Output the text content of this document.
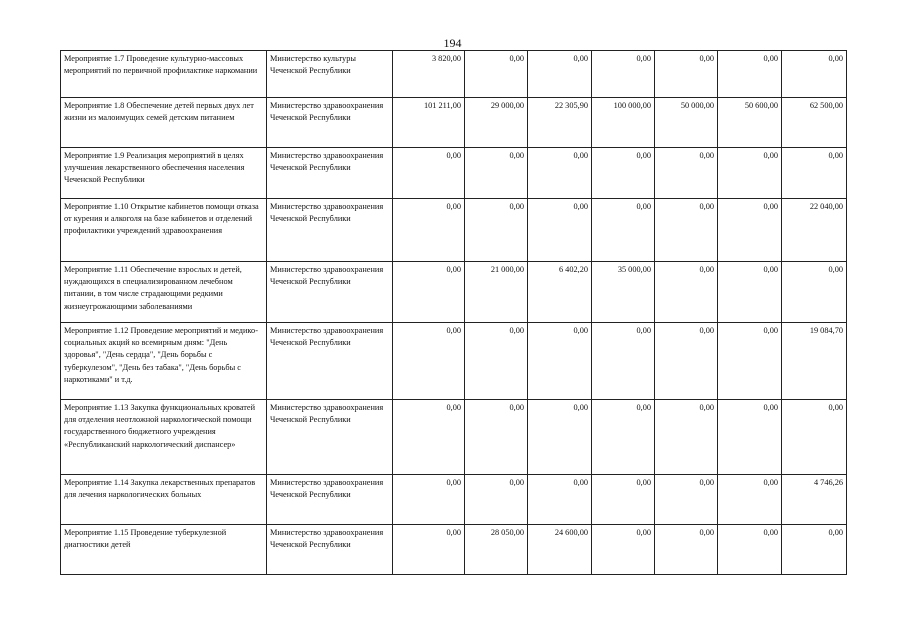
194
Мероприятие 1.7 Проведение культурно-массовых мероприятий по первичной профилактике наркомании	Министерство культуры Чеченской Республики	3 820,00	0,00	0,00	0,00	0,00	0,00	0,00
Мероприятие 1.8 Обеспечение детей первых двух лет жизни из малоимущих семей детским питанием	Министерство здравоохранения Чеченской Республики	101 211,00	29 000,00	22 305,90	100 000,00	50 000,00	50 600,00	62 500,00
Мероприятие 1.9 Реализация мероприятий в целях улучшения лекарственного обеспечения населения Чеченской Республики	Министерство здравоохранения Чеченской Республики	0,00	0,00	0,00	0,00	0,00	0,00	0,00
Мероприятие 1.10 Открытие кабинетов помощи отказа от курения и алкоголя на базе кабинетов и отделений профилактики учреждений здравоохранения	Министерство здравоохранения Чеченской Республики	0,00	0,00	0,00	0,00	0,00	0,00	22 040,00
Мероприятие 1.11 Обеспечение взрослых и детей, нуждающихся в специализированном лечебном питании, в том числе страдающими редкими жизнеугрожающими заболеваниями	Министерство здравоохранения Чеченской Республики	0,00	21 000,00	6 402,20	35 000,00	0,00	0,00	0,00
Мероприятие 1.12 Проведение мероприятий и медико-социальных акций ко всемирным дням: "День здоровья", "День сердца", "День борьбы с туберкулезом", "День без табака", "День борьбы с наркотиками" и т.д.	Министерство здравоохранения Чеченской Республики	0,00	0,00	0,00	0,00	0,00	0,00	19 084,70
Мероприятие 1.13 Закупка функциональных кроватей для отделения неотложной наркологической помощи государственного бюджетного учреждения «Республиканский наркологический диспансер»	Министерство здравоохранения Чеченской Республики	0,00	0,00	0,00	0,00	0,00	0,00	0,00
Мероприятие 1.14 Закупка лекарственных препаратов для лечения наркологических больных	Министерство здравоохранения Чеченской Республики	0,00	0,00	0,00	0,00	0,00	0,00	4 746,26
Мероприятие 1.15 Проведение туберкулезной диагностики детей	Министерство здравоохранения Чеченской Республики	0,00	28 050,00	24 600,00	0,00	0,00	0,00	0,00
